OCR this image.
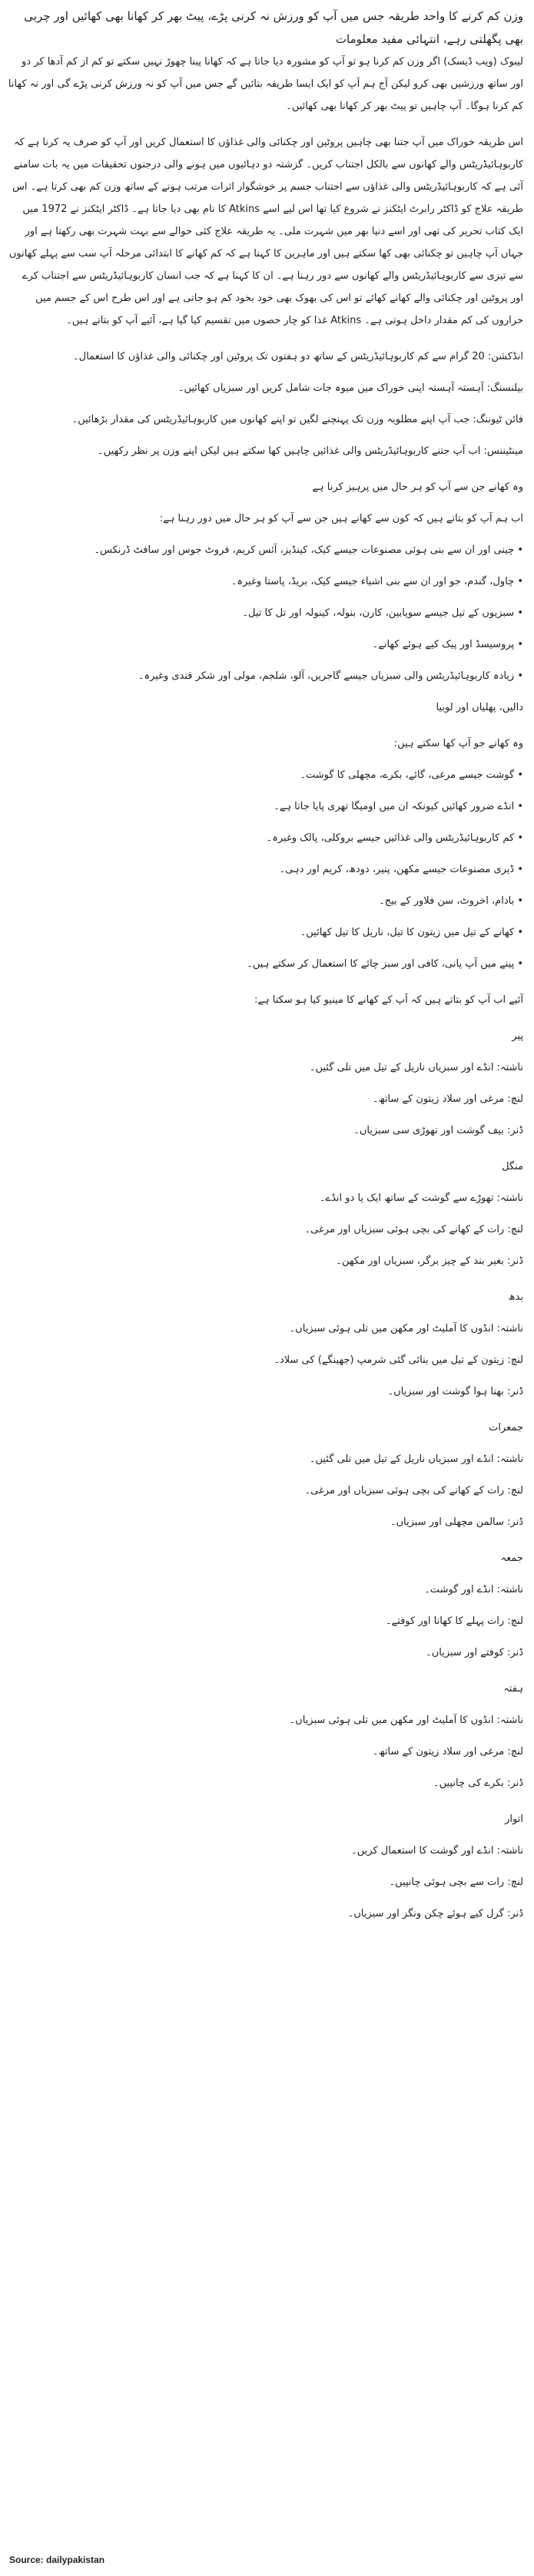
وزن کم کرنے کا واحد طریقہ جس میں آپ کو ورزش نہ کرنی پڑے، پیٹ بھر کر کھانا بھی کھائیں اور چربی بھی پگھلتی رہے، انتہائی مفید معلومات

لیبوک (ویب ڈیسک) اگر وزن کم کرنا ہو تو آپ کو مشورہ دیا جاتا ہے کہ کھانا پینا چھوڑ نہیں سکتے تو کم از کم آدھا کر دو اور ساتھ ورزشیں بھی کرو لیکن آج ہم آپ کو ایک ایسا طریقہ بتائیں گے جس میں آپ کو نہ ورزش کرنی پڑے گی اور نہ کھانا کم کرنا ہوگا۔ آپ چاہیں تو پیٹ بھر کر کھانا بھی کھائیں۔

اس طریقہ خوراک میں آپ جتنا بھی چاہیں پروٹین اور چکنائی والی غذاؤں کا استعمال کریں اور آپ کو صرف یہ کرنا ہے کہ کاربوہائیڈریٹس والے کھانوں سے بالکل اجتناب کریں۔ گزشتہ دو دہائیوں میں ہونے والی درجنوں تحقیقات میں یہ بات سامنے آئی ہے کہ کاربوہائیڈریٹس والی غذاؤں سے اجتناب جسم پر خوشگوار اثرات مرتب ہونے کے ساتھ وزن کم بھی کرتا ہے۔ اس طریقہ علاج کو ڈاکٹر رابرٹ ایٹکنز نے شروع کیا تھا اس لیے اسے Atkins کا نام بھی دیا جاتا ہے۔ ڈاکٹر ایٹکنز نے 1972 میں ایک کتاب تحریر کی تھی اور اسے دنیا بھر میں شہرت ملی۔ یہ طریقہ علاج کئی حوالے سے بہت شہرت بھی رکھتا ہے اور جہاں آپ چاہیں تو چکنائی بھی کھا سکتے ہیں اور ماہرین کا کہنا ہے کہ کم کھانے کا ابتدائی مرحلہ آپ سب سے پہلے کھانوں سے تیزی سے کاربوہائیڈریٹس والے کھانوں سے دور رہنا ہے۔ ان کا کہنا ہے کہ جب انسان کاربوہائیڈریٹس سے اجتناب کرے اور پروٹین اور چکنائی والے کھانے کھائے تو اس کی بھوک بھی خود بخود کم ہو جاتی ہے اور اس طرح اس کے جسم میں حراروں کی کم مقدار داخل ہوتی ہے۔ Atkins غذا کو چار حصوں میں تقسیم کیا گیا ہے، آئیے آپ کو بتاتے ہیں۔

انڈکشن: 20 گرام سے کم کاربوہائیڈریٹس کے ساتھ دو ہفتوں تک پروٹین اور چکنائی والی غذاؤں کا استعمال۔

بیلنسنگ: آہستہ آہستہ اپنی خوراک میں میوہ جات شامل کریں اور سبزیاں کھائیں۔

فائن ٹیوننگ: جب آپ اپنے مطلوبہ وزن تک پہنچنے لگیں تو اپنے کھانوں میں کاربوہائیڈریٹس کی مقدار بڑھائیں۔

مینٹیننس: اب آپ جتنے کاربوہائیڈریٹس والی غذائیں چاہیں کھا سکتے ہیں لیکن اپنے وزن پر نظر رکھیں۔

وہ کھانے جن سے آپ کو ہر حال میں پرہیز کرنا ہے

اب ہم آپ کو بتاتے ہیں کہ کون سے کھانے ہیں جن سے آپ کو ہر حال میں دور رہنا ہے:

• چینی اور ان سے بنی ہوئی مصنوعات جیسے کیک، کینڈیز، آئس کریم، فروٹ جوس اور سافٹ ڈرنکس۔

• چاول، گندم، جو اور ان سے بنی اشیاء جیسے کیک، بریڈ، پاستا وغیرہ۔

• سبزیوں کے تیل جیسے سویابین، کارن، بنولہ، کینولہ اور تل کا تیل۔

• پروسیسڈ اور پیک کیے ہوئے کھانے۔

• زیادہ کاربوہائیڈریٹس والی سبزیاں جیسے گاجریں، آلو، شلجم، مولی اور شکر قندی وغیرہ۔

دالیں، پھلیاں اور لوبیا

وہ کھانے جو آپ کھا سکتے ہیں:

• گوشت جیسے مرغی، گائے، بکرے، مچھلی کا گوشت۔

• انڈے ضرور کھائیں کیونکہ ان میں اومیگا تھری پایا جاتا ہے۔

• کم کاربوہائیڈریٹس والی غذائیں جیسے بروکلی، پالک وغیرہ۔

• ڈیری مصنوعات جیسے مکھن، پنیر، دودھ، کریم اور دہی۔

• بادام، اخروٹ، سن فلاور کے بیج۔

• کھانے کے تیل میں زیتون کا تیل، ناریل کا تیل کھائیں۔

• پینے میں آپ پانی، کافی اور سبز چائے کا استعمال کر سکتے ہیں۔

آئیے اب آپ کو بتاتے ہیں کہ آپ کے کھانے کا مینیو کیا ہو سکتا ہے:

پیر

ناشتہ: انڈے اور سبزیاں ناریل کے تیل میں تلی گئیں۔

لنچ: مرغی اور سلاد زیتون کے ساتھ۔

ڈنر: بیف گوشت اور تھوڑی سی سبزیاں۔

منگل

ناشتہ: تھوڑے سے گوشت کے ساتھ ایک یا دو انڈے۔

لنچ: رات کے کھانے کی بچی ہوئی سبزیاں اور مرغی۔

ڈنر: بغیر بند کے چیز برگر، سبزیاں اور مکھن۔

بدھ

ناشتہ: انڈوں کا آملیٹ اور مکھن میں تلی ہوئی سبزیاں۔

لنچ: زیتون کے تیل میں بنائی گئی شرمپ (جھینگے) کی سلاد۔

ڈنر: بھنا ہوا گوشت اور سبزیاں۔

جمعرات

ناشتہ: انڈے اور سبزیاں ناریل کے تیل میں تلی گئیں۔

لنچ: رات کے کھانے کی بچی ہوئی سبزیاں اور مرغی۔

ڈنر: سالمن مچھلی اور سبزیاں۔

جمعہ

ناشتہ: انڈے اور گوشت۔

لنچ: رات پہلے کا کھانا اور کوفتے۔

ڈنر: کوفتے اور سبزیاں۔

ہفتہ

ناشتہ: انڈوں کا آملیٹ اور مکھن میں تلی ہوئی سبزیاں۔

لنچ: مرغی اور سلاد زیتون کے ساتھ۔

ڈنر: بکرے کی چانپیں۔

اتوار

ناشتہ: انڈے اور گوشت کا استعمال کریں۔

لنچ: رات سے بچی ہوئی چانپیں۔

ڈنر: گرل کیے ہوئے چکن ونگز اور سبزیاں۔

Source: dailypakistan
